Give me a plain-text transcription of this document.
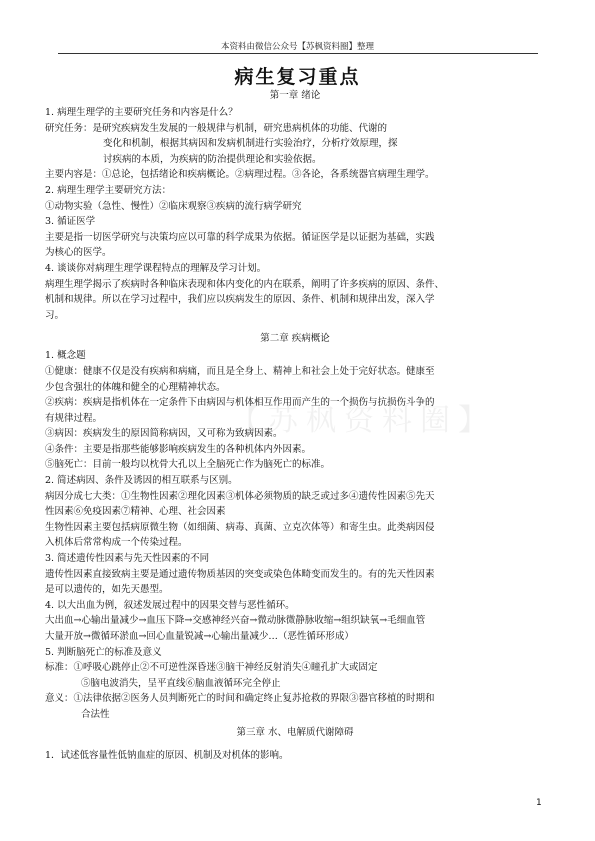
本资料由微信公众号【苏枫资料圈】整理
病生复习重点
【苏枫资料圈】
第一章 绪论
1. 病理生理学的主要研究任务和内容是什么？
研究任务：是研究疾病发生发展的一般规律与机制，研究患病机体的功能、代谢的
变化和机制，根据其病因和发病机制进行实验治疗，分析疗效原理，探
讨疾病的本质，为疾病的防治提供理论和实验依据。
主要内容是：①总论，包括绪论和疾病概论。②病理过程。③各论，各系统器官病理生理学。
2. 病理生理学主要研究方法：
①动物实验（急性、慢性）②临床观察③疾病的流行病学研究
3. 循证医学
主要是指一切医学研究与决策均应以可靠的科学成果为依据。循证医学是以证据为基础，实践
为核心的医学。
4. 谈谈你对病理生理学课程特点的理解及学习计划。
病理生理学揭示了疾病时各种临床表现和体内变化的内在联系，阐明了许多疾病的原因、条件、
机制和规律。所以在学习过程中，我们应以疾病发生的原因、条件、机制和规律出发，深入学
习。
第二章 疾病概论
1. 概念题
①健康：健康不仅是没有疾病和病痛，而且是全身上、精神上和社会上处于完好状态。健康至
少包含强壮的体魄和健全的心理精神状态。
②疾病：疾病是指机体在一定条件下由病因与机体相互作用而产生的一个损伤与抗损伤斗争的
有规律过程。
③病因：疾病发生的原因简称病因，又可称为致病因素。
④条件：主要是指那些能够影响疾病发生的各种机体内外因素。
⑤脑死亡：目前一般均以枕骨大孔以上全脑死亡作为脑死亡的标准。
2. 简述病因、条件及诱因的相互联系与区别。
病因分成七大类：①生物性因素②理化因素③机体必须物质的缺乏或过多④遗传性因素⑤先天
性因素⑥免疫因素⑦精神、心理、社会因素
生物性因素主要包括病原微生物（如细菌、病毒、真菌、立克次体等）和寄生虫。此类病因侵
入机体后常常构成一个传染过程。
3. 简述遗传性因素与先天性因素的不同
遗传性因素直接致病主要是通过遗传物质基因的突变或染色体畸变而发生的。有的先天性因素
是可以遗传的，如先天愚型。
4. 以大出血为例，叙述发展过程中的因果交替与恶性循环。
大出血→心输出量减少→血压下降→交感神经兴奋→微动脉微静脉收缩→组织缺氧→毛细血管
大量开放→微循环淤血→回心血量锐减→心输出量减少…（恶性循环形成）
5. 判断脑死亡的标准及意义
标准：①呼吸心跳停止②不可逆性深昏迷③脑干神经反射消失④瞳孔扩大或固定
⑤脑电波消失，呈平直线⑥脑血液循环完全停止
意义：①法律依据②医务人员判断死亡的时间和确定终止复苏抢救的界限③器官移植的时期和
合法性
第三章 水、电解质代谢障碍
1．试述低容量性低钠血症的原因、机制及对机体的影响。
1
